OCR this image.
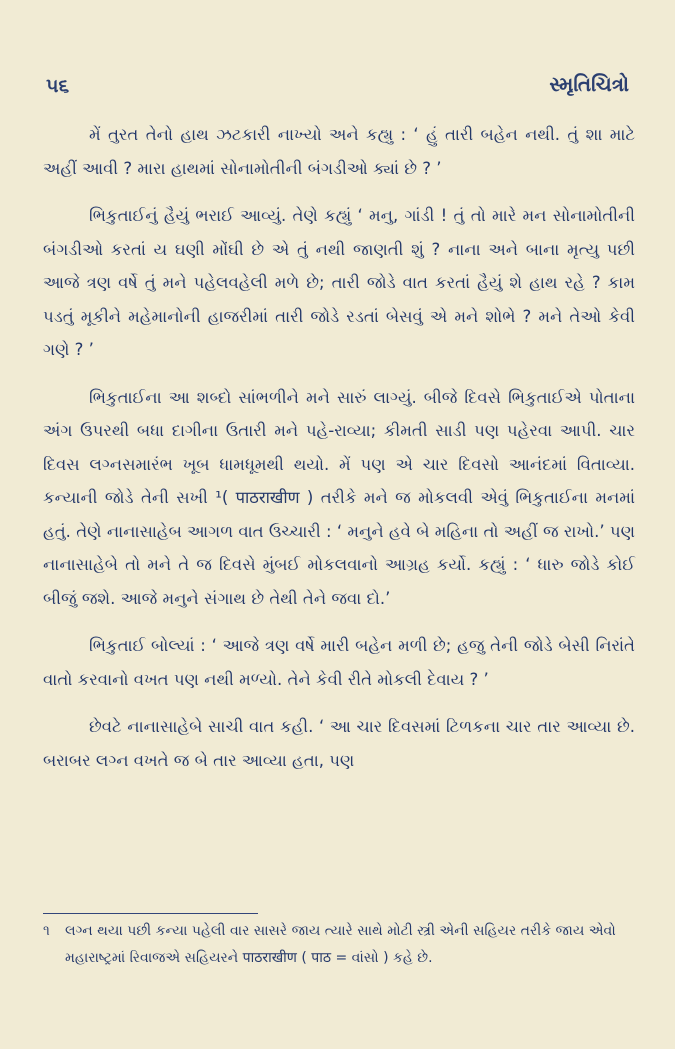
૫૬	સ્મૃતિચિત્રો

મેં તુરત તેનો હાથ ઝટકારી નાખ્યો અને કહ્યુ : ‘ હું તારી બહેન નથી. તું શા માટે અહીં આવી ? મારા હાથમાં સોનામોતીની બંગડીઓ ક્યાં છે ? ’

ભિકુતાઈનું હૈયું ભરાઈ આવ્યું. તેણે કહ્યું ‘ મનુ, ગાંડી ! તું તો મારે મન સોનામોતીની બંગડીઓ કરતાં ય ઘણી મોંઘી છે એ તું નથી જાણતી શું ? નાના અને બાના મૃત્યુ પછી આજે ત્રણ વર્ષે તું મને પહેલવહેલી મળે છે; તારી જોડે વાત કરતાં હૈયું શે હાથ રહે ? કામ પડતું મૂકીને મહેમાનોની હાજરીમાં તારી જોડે રડતાં બેસવું એ મને શોભે ? મને તેઓ કેવી ગણે ? ’

ભિકુતાઈના આ શબ્દો સાંભળીને મને સારું લાગ્યું. બીજે દિવસે ભિકુતાઈએ પોતાના અંગ ઉપરથી બધા દાગીના ઉતારી મને પહે-રાવ્યા; કીમતી સાડી પણ પહેરવા આપી. ચાર દિવસ લગ્નસમારંભ ખૂબ ધામધૂમથી થયો. મેં પણ એ ચાર દિવસો આનંદમાં વિતાવ્યા. કન્યાની જોડે તેની સખી ¹( पाठराखीण ) તરીકે મને જ મોકલવી એવું ભિકુતાઈના મનમાં હતું. તેણે નાનાસાહેબ આગળ વાત ઉચ્ચારી : ‘ મનુને હવે બે મહિના તો અહીં જ રાખો.’ પણ નાનાસાહેબે તો મને તે જ દિવસે મુંબઈ મોકલવાનો આગ્રહ કર્યો. કહ્યું : ‘ ધારુ જોડે કોઈ બીજું જશે. આજે મનુને સંગાથ છે તેથી તેને જવા દો.’

ભિકુતાઈ બોલ્યાં : ‘ આજે ત્રણ વર્ષે મારી બહેન મળી છે; હજુ તેની જોડે બેસી નિરાંતે વાતો કરવાનો વખત પણ નથી મળ્યો. તેને કેવી રીતે મોકલી દેવાય ? ’

છેવટે નાનાસાહેબે સાચી વાત કહી. ‘ આ ચાર દિવસમાં ટિળકના ચાર તાર આવ્યા છે. બરાબર લગ્ન વખતે જ બે તાર આવ્યા હતા, પણ

૧ લગ્ન થયા પછી કન્યા પહેલી વાર સાસરે જાય ત્યારે સાથે મોટી સ્ત્રી એની સહિયર તરીકે જાય એવો મહારાષ્ટ્રમાં રિવાજએ સહિયરને पाठराखीण ( पाठ = વાંસો ) કહે છે.
